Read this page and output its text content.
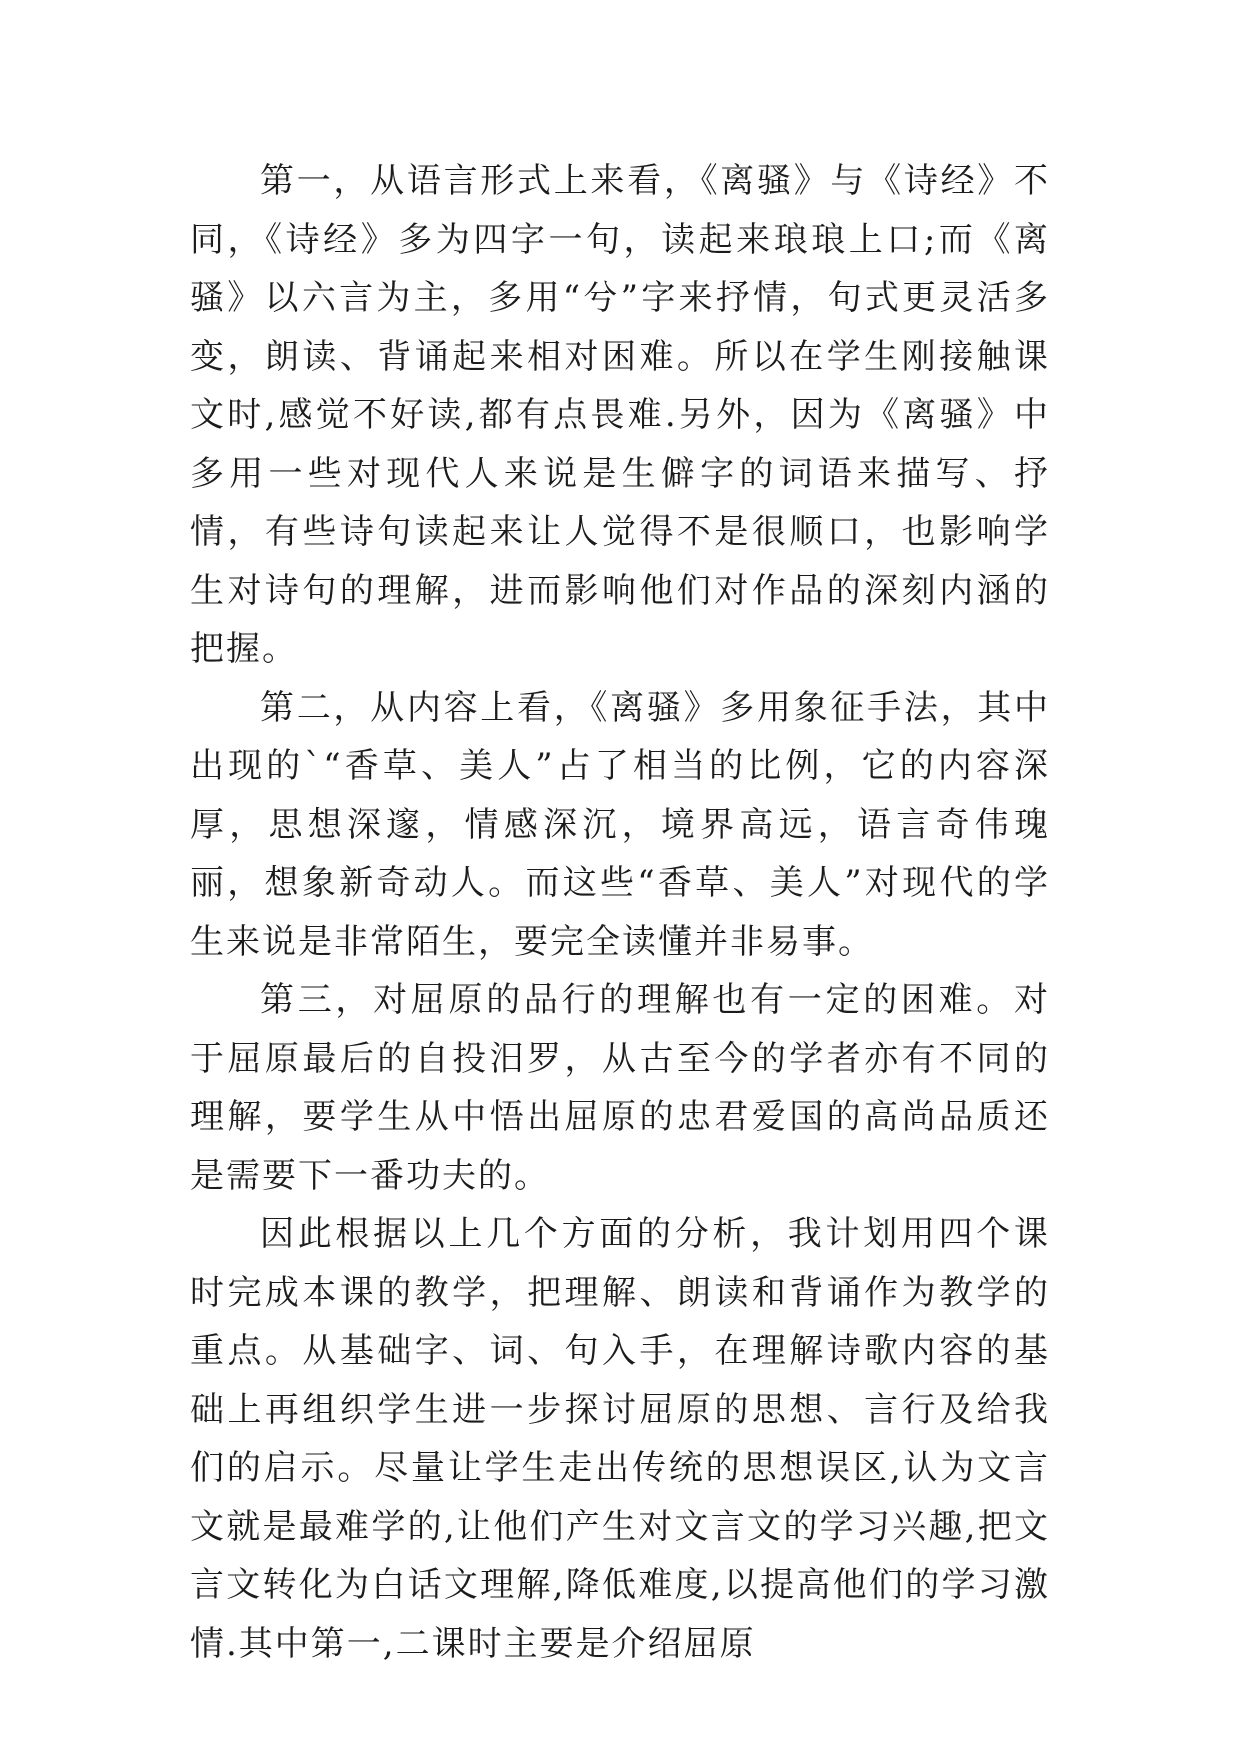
第一，从语言形式上来看，《离骚》与《诗经》不同，《诗经》多为四字一句，读起来琅琅上口;而《离骚》以六言为主，多用“兮”字来抒情，句式更灵活多变，朗读、背诵起来相对困难。所以在学生刚接触课文时,感觉不好读,都有点畏难.另外，因为《离骚》中多用一些对现代人来说是生僻字的词语来描写、抒情，有些诗句读起来让人觉得不是很顺口，也影响学生对诗句的理解，进而影响他们对作品的深刻内涵的把握。

第二，从内容上看，《离骚》多用象征手法，其中出现的`“香草、美人”占了相当的比例，它的内容深厚，思想深邃，情感深沉，境界高远，语言奇伟瑰丽，想象新奇动人。而这些“香草、美人”对现代的学生来说是非常陌生，要完全读懂并非易事。

第三，对屈原的品行的理解也有一定的困难。对于屈原最后的自投汨罗，从古至今的学者亦有不同的理解，要学生从中悟出屈原的忠君爱国的高尚品质还是需要下一番功夫的。

因此根据以上几个方面的分析，我计划用四个课时完成本课的教学，把理解、朗读和背诵作为教学的重点。从基础字、词、句入手，在理解诗歌内容的基础上再组织学生进一步探讨屈原的思想、言行及给我们的启示。尽量让学生走出传统的思想误区,认为文言文就是最难学的,让他们产生对文言文的学习兴趣,把文言文转化为白话文理解,降低难度,以提高他们的学习激情.其中第一,二课时主要是介绍屈原
